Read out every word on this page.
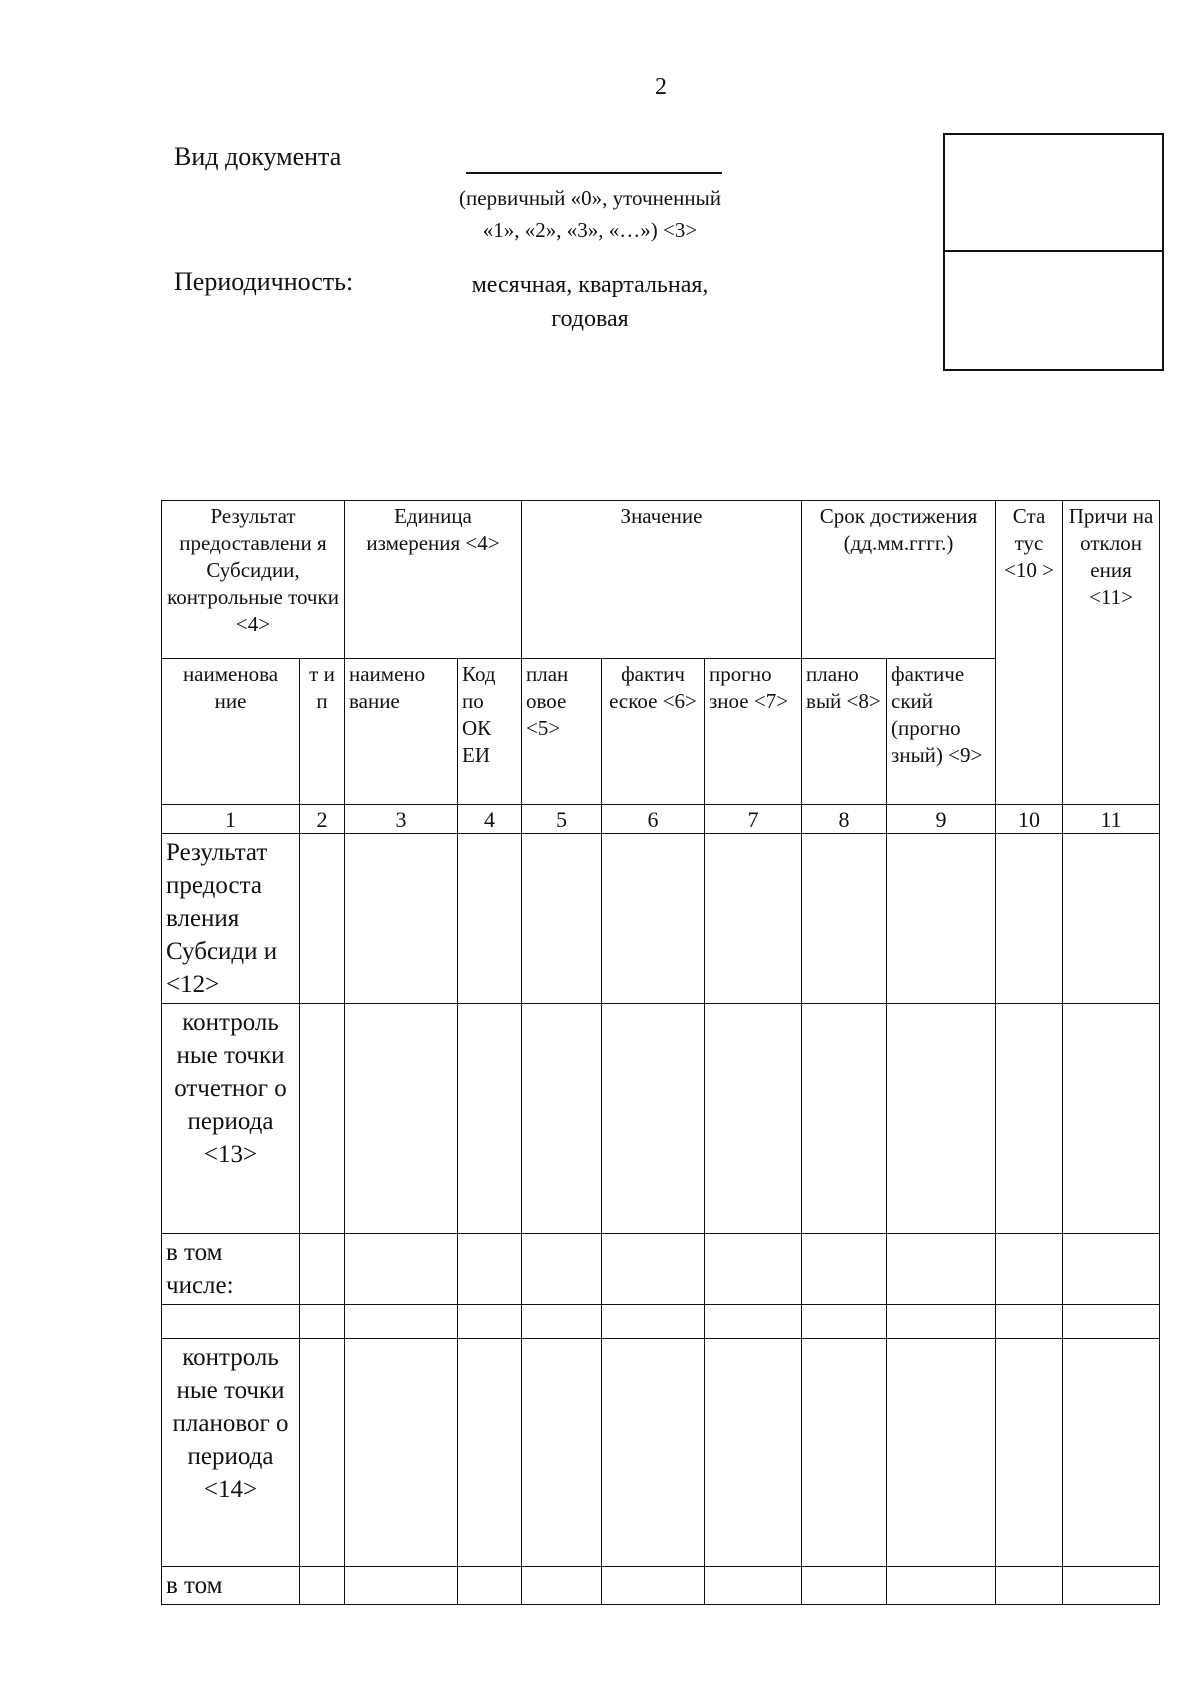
2
Вид документа
(первичный «0», уточненный
«1», «2», «3», «…») <3>
Периодичность:	месячная, квартальная,
годовая
Результат предоставлени я Субсидии, контрольные точки <4>		Единица измерения <4>		Значение			Срок достижения (дд.мм.гггг.)		Ста тус <10 >	Причи на отклон ения <11>
наименова ние	т и п	наимено вание	Код по ОК ЕИ	план овое <5>	фактич еское <6>	прогно зное <7>	плано вый <8>	фактиче ский (прогно зный) <9>		
1	2	3	4	5	6	7	8	9	10	11
Результат предоста вления Субсиди и <12>										
контроль ные точки отчетног о периода <13>										
в том числе:										

контроль ные точки плановог о периода <14>										
в том										
